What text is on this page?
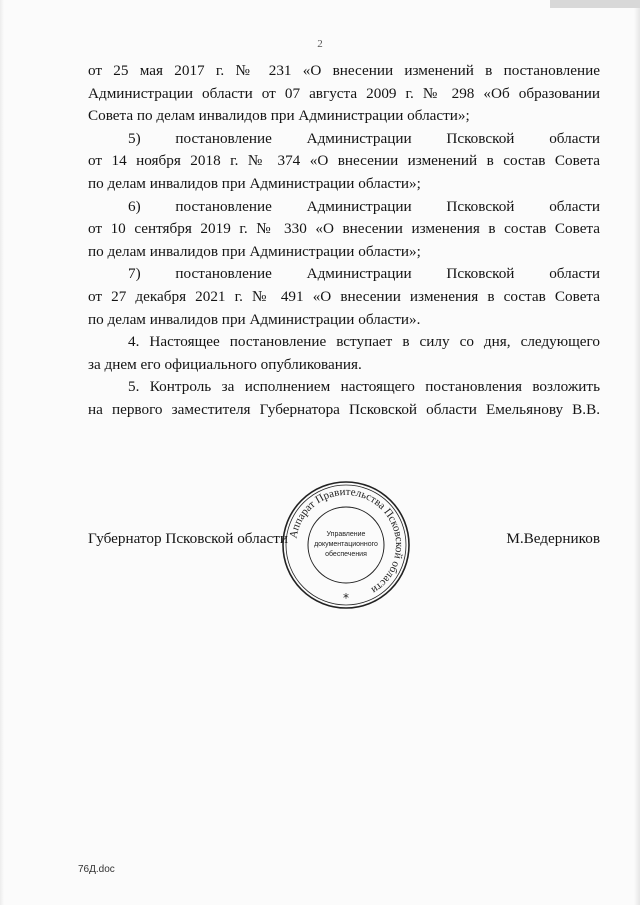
2
от 25 мая 2017 г. № 231 «О внесении изменений в постановление
Администрации области от 07 августа 2009 г. № 298 «Об образовании
Совета по делам инвалидов при Администрации области»;
5) постановление Администрации Псковской области
от 14 ноября 2018 г. № 374 «О внесении изменений в состав Совета
по делам инвалидов при Администрации области»;
6) постановление Администрации Псковской области
от 10 сентября 2019 г. № 330 «О внесении изменения в состав Совета
по делам инвалидов при Администрации области»;
7) постановление Администрации Псковской области
от 27 декабря 2021 г. № 491 «О внесении изменения в состав Совета
по делам инвалидов при Администрации области».
4. Настоящее постановление вступает в силу со дня, следующего
за днем его официального опубликования.
5. Контроль за исполнением настоящего постановления возложить
на первого заместителя Губернатора Псковской области Емельянову В.В.
Губернатор Псковской области	М.Ведерников
Аппарат Правительства Псковской области
Управление
документационного
обеспечения
*
76Д.doc
